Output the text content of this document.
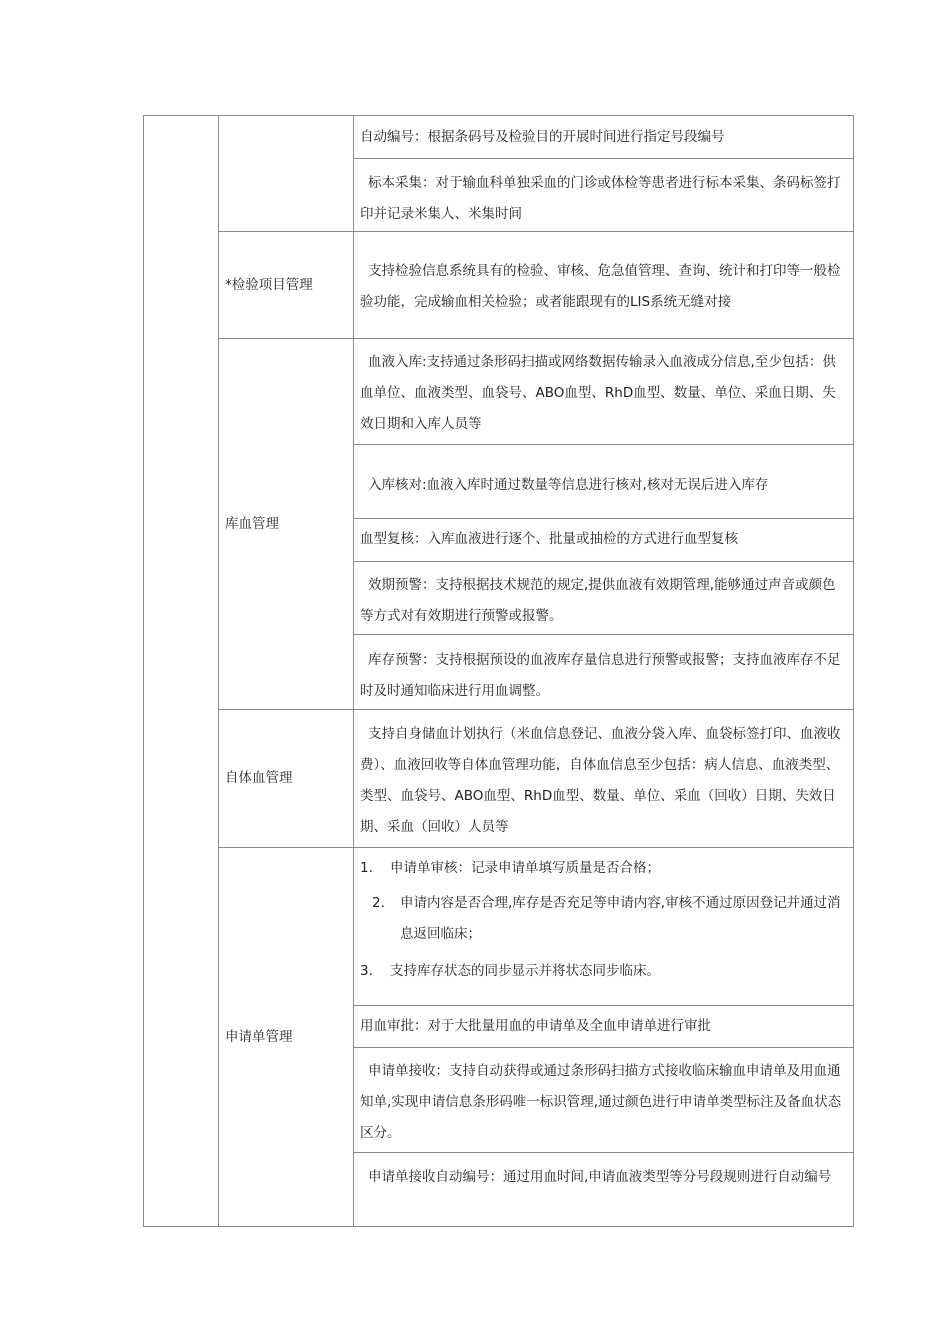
自动编号：根据条码号及检验目的开展时间进行指定号段编号

标本采集：对于输血科单独采血的门诊或体检等患者进行标本采集、条码标签打印并记录米集人、米集时间

*检验项目管理

支持检验信息系统具有的检验、审核、危急值管理、查询、统计和打印等一般检验功能，完成输血相关检验；或者能跟现有的LIS系统无缝对接

库血管理

血液入库:支持通过条形码扫描或网络数据传输录入血液成分信息,至少包括：供血单位、血液类型、血袋号、ABO血型、RhD血型、数量、单位、采血日期、失效日期和入库人员等

入库核对:血液入库时通过数量等信息进行核对,核对无误后进入库存

血型复核：入库血液进行逐个、批量或抽检的方式进行血型复核

效期预警：支持根据技术规范的规定,提供血液有效期管理,能够通过声音或颜色等方式对有效期进行预警或报警。

库存预警：支持根据预设的血液库存量信息进行预警或报警；支持血液库存不足时及时通知临床进行用血调整。

自体血管理

支持自身储血计划执行（米血信息登记、血液分袋入库、血袋标签打印、血液收费）、血液回收等自体血管理功能，自体血信息至少包括：病人信息、血液类型、类型、血袋号、ABO血型、RhD血型、数量、单位、采血（回收）日期、失效日期、采血（回收）人员等

申请单管理

1. 申请单审核：记录申请单填写质量是否合格；

2. 申请内容是否合理,库存是否充足等申请内容,审核不通过原因登记并通过消息返回临床；

3. 支持库存状态的同步显示并将状态同步临床。

用血审批：对于大批量用血的申请单及全血申请单进行审批

申请单接收：支持自动获得或通过条形码扫描方式接收临床输血申请单及用血通知单,实现申请信息条形码唯一标识管理,通过颜色进行申请单类型标注及备血状态区分。

申请单接收自动编号：通过用血时间,申请血液类型等分号段规则进行自动编号
